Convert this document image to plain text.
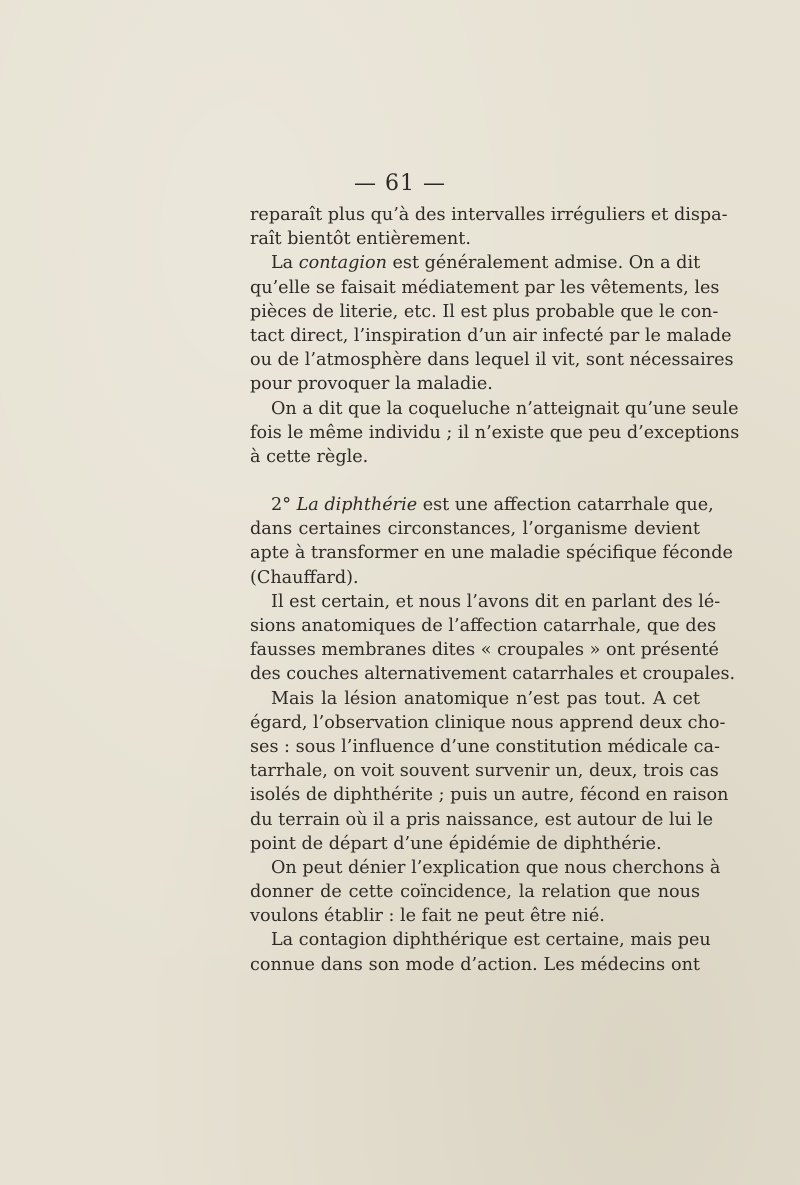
— 61 —
reparaît plus qu’à des intervalles irréguliers et dispa-
raît bientôt entièrement.
La contagion est généralement admise. On a dit
qu’elle se faisait médiatement par les vêtements, les
pièces de literie, etc. Il est plus probable que le con-
tact direct, l’inspiration d’un air infecté par le malade
ou de l’atmosphère dans lequel il vit, sont nécessaires
pour provoquer la maladie.
On a dit que la coqueluche n’atteignait qu’une seule
fois le même individu ; il n’existe que peu d’exceptions
à cette règle.
2° La diphthérie est une affection catarrhale que,
dans certaines circonstances, l’organisme devient
apte à transformer en une maladie spécifique féconde
(Chauffard).
Il est certain, et nous l’avons dit en parlant des lé-
sions anatomiques de l’affection catarrhale, que des
fausses membranes dites « croupales » ont présenté
des couches alternativement catarrhales et croupales.
Mais la lésion anatomique n’est pas tout. A cet
égard, l’observation clinique nous apprend deux cho-
ses : sous l’influence d’une constitution médicale ca-
tarrhale, on voit souvent survenir un, deux, trois cas
isolés de diphthérite ; puis un autre, fécond en raison
du terrain où il a pris naissance, est autour de lui le
point de départ d’une épidémie de diphthérie.
On peut dénier l’explication que nous cherchons à
donner de cette coïncidence, la relation que nous
voulons établir : le fait ne peut être nié.
La contagion diphthérique est certaine, mais peu
connue dans son mode d’action. Les médecins ont
